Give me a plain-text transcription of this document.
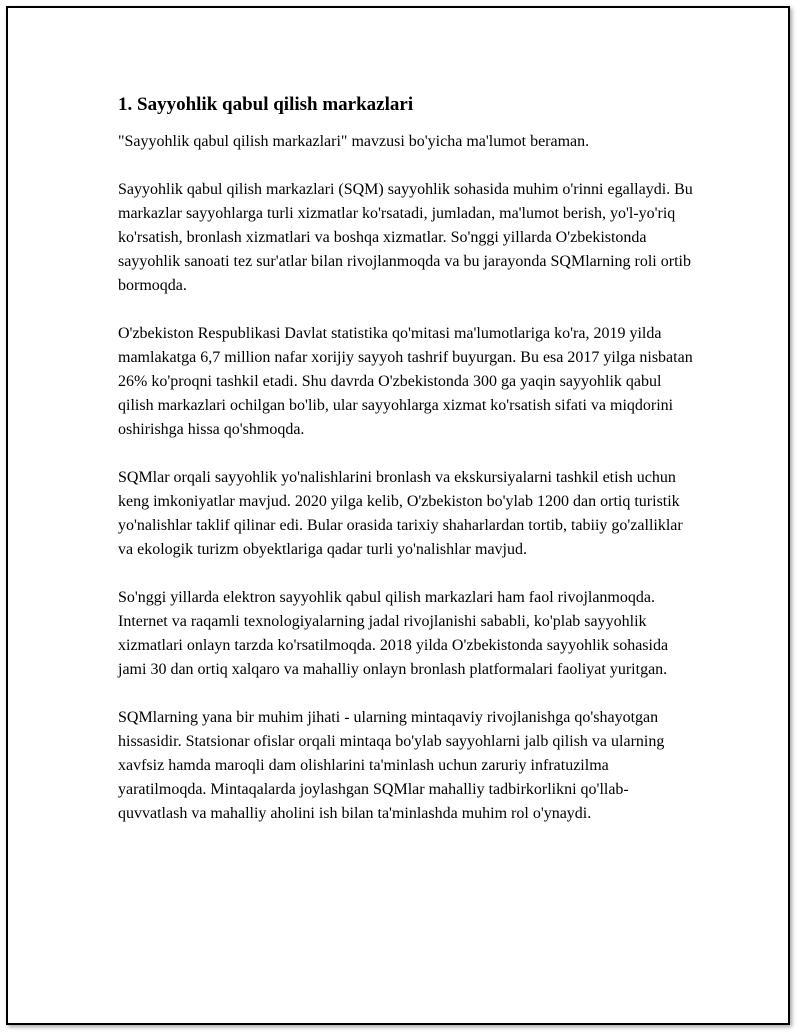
1. Sayyohlik qabul qilish markazlari

"Sayyohlik qabul qilish markazlari" mavzusi bo'yicha ma'lumot beraman.

Sayyohlik qabul qilish markazlari (SQM) sayyohlik sohasida muhim o'rinni egallaydi. Bu markazlar sayyohlarga turli xizmatlar ko'rsatadi, jumladan, ma'lumot berish, yo'l-yo'riq ko'rsatish, bronlash xizmatlari va boshqa xizmatlar. So'nggi yillarda O'zbekistonda sayyohlik sanoati tez sur'atlar bilan rivojlanmoqda va bu jarayonda SQMlarning roli ortib bormoqda.

O'zbekiston Respublikasi Davlat statistika qo'mitasi ma'lumotlariga ko'ra, 2019 yilda mamlakatga 6,7 million nafar xorijiy sayyoh tashrif buyurgan. Bu esa 2017 yilga nisbatan 26% ko'proqni tashkil etadi. Shu davrda O'zbekistonda 300 ga yaqin sayyohlik qabul qilish markazlari ochilgan bo'lib, ular sayyohlarga xizmat ko'rsatish sifati va miqdorini oshirishga hissa qo'shmoqda.

SQMlar orqali sayyohlik yo'nalishlarini bronlash va ekskursiyalarni tashkil etish uchun keng imkoniyatlar mavjud. 2020 yilga kelib, O'zbekiston bo'ylab 1200 dan ortiq turistik yo'nalishlar taklif qilinar edi. Bular orasida tarixiy shaharlardan tortib, tabiiy go'zalliklar va ekologik turizm obyektlariga qadar turli yo'nalishlar mavjud.

So'nggi yillarda elektron sayyohlik qabul qilish markazlari ham faol rivojlanmoqda. Internet va raqamli texnologiyalarning jadal rivojlanishi sababli, ko'plab sayyohlik xizmatlari onlayn tarzda ko'rsatilmoqda. 2018 yilda O'zbekistonda sayyohlik sohasida jami 30 dan ortiq xalqaro va mahalliy onlayn bronlash platformalari faoliyat yuritgan.

SQMlarning yana bir muhim jihati - ularning mintaqaviy rivojlanishga qo'shayotgan hissasidir. Statsionar ofislar orqali mintaqa bo'ylab sayyohlarni jalb qilish va ularning xavfsiz hamda maroqli dam olishlarini ta'minlash uchun zaruriy infratuzilma yaratilmoqda. Mintaqalarda joylashgan SQMlar mahalliy tadbirkorlikni qo'llab-quvvatlash va mahalliy aholini ish bilan ta'minlashda muhim rol o'ynaydi.
